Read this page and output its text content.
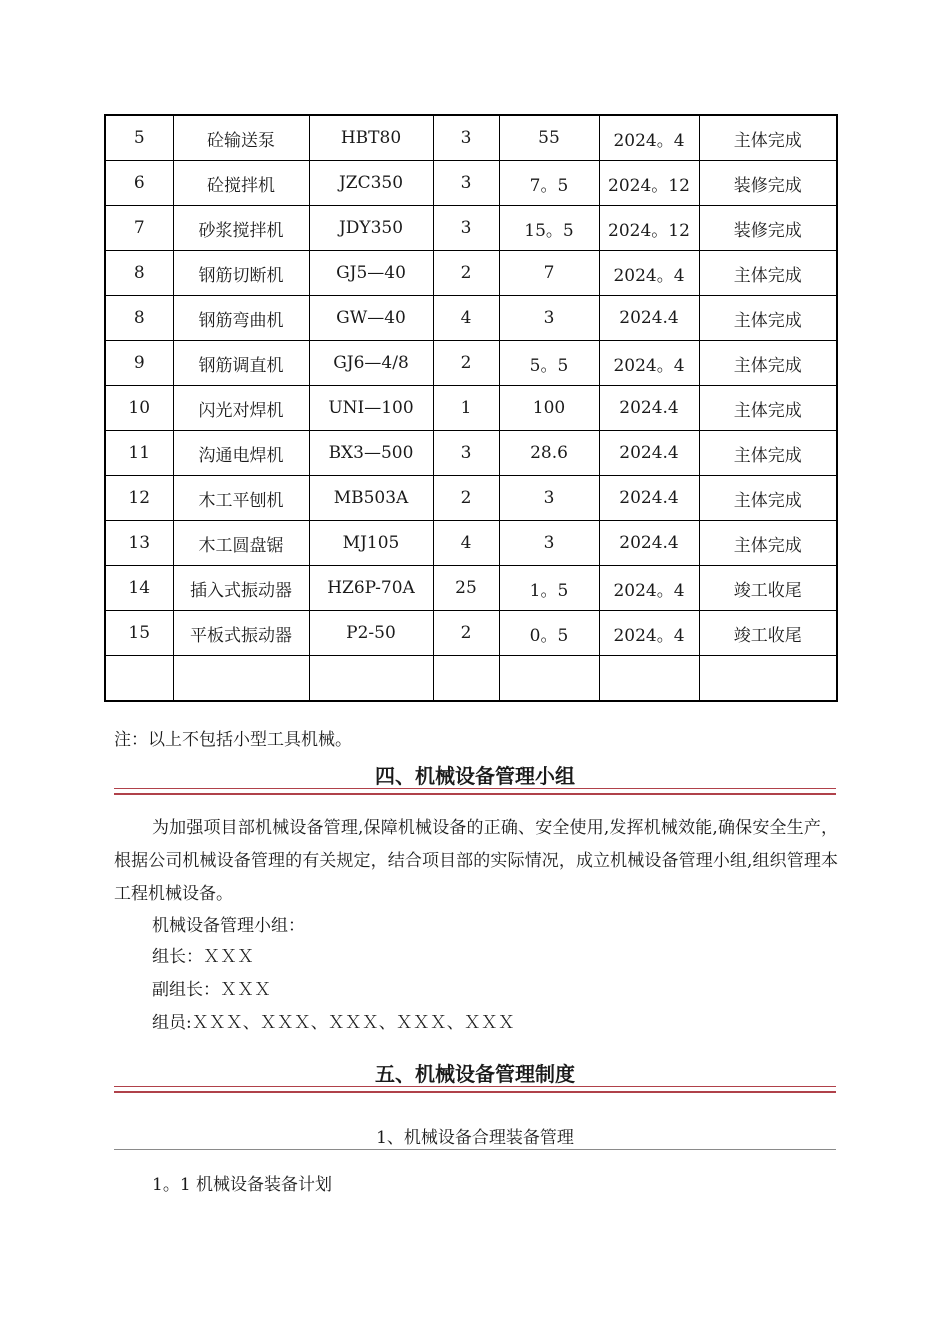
5	砼输送泵	HBT80	3	55	2024。4	主体完成
6	砼搅拌机	JZC350	3	7。5	2024。12	装修完成
7	砂浆搅拌机	JDY350	3	15。5	2024。12	装修完成
8	钢筋切断机	GJ5—40	2	7	2024。4	主体完成
8	钢筋弯曲机	GW—40	4	3	2024.4	主体完成
9	钢筋调直机	GJ6—4/8	2	5。5	2024。4	主体完成
10	闪光对焊机	UNI—100	1	100	2024.4	主体完成
11	沟通电焊机	BX3—500	3	28.6	2024.4	主体完成
12	木工平刨机	MB503A	2	3	2024.4	主体完成
13	木工圆盘锯	MJ105	4	3	2024.4	主体完成
14	插入式振动器	HZ6P-70A	25	1。5	2024。4	竣工收尾
15	平板式振动器	P2-50	2	0。5	2024。4	竣工收尾

注：以上不包括小型工具机械。
四、机械设备管理小组
为加强项目部机械设备管理,保障机械设备的正确、安全使用,发挥机械效能,确保安全生产，根据公司机械设备管理的有关规定，结合项目部的实际情况，成立机械设备管理小组,组织管理本工程机械设备。
机械设备管理小组：
组长：ＸＸＸ
副组长：ＸＸＸ
组员:ＸＸＸ、ＸＸＸ、ＸＸＸ、ＸＸＸ、ＸＸＸ
五、机械设备管理制度
1、机械设备合理装备管理
1。1 机械设备装备计划
